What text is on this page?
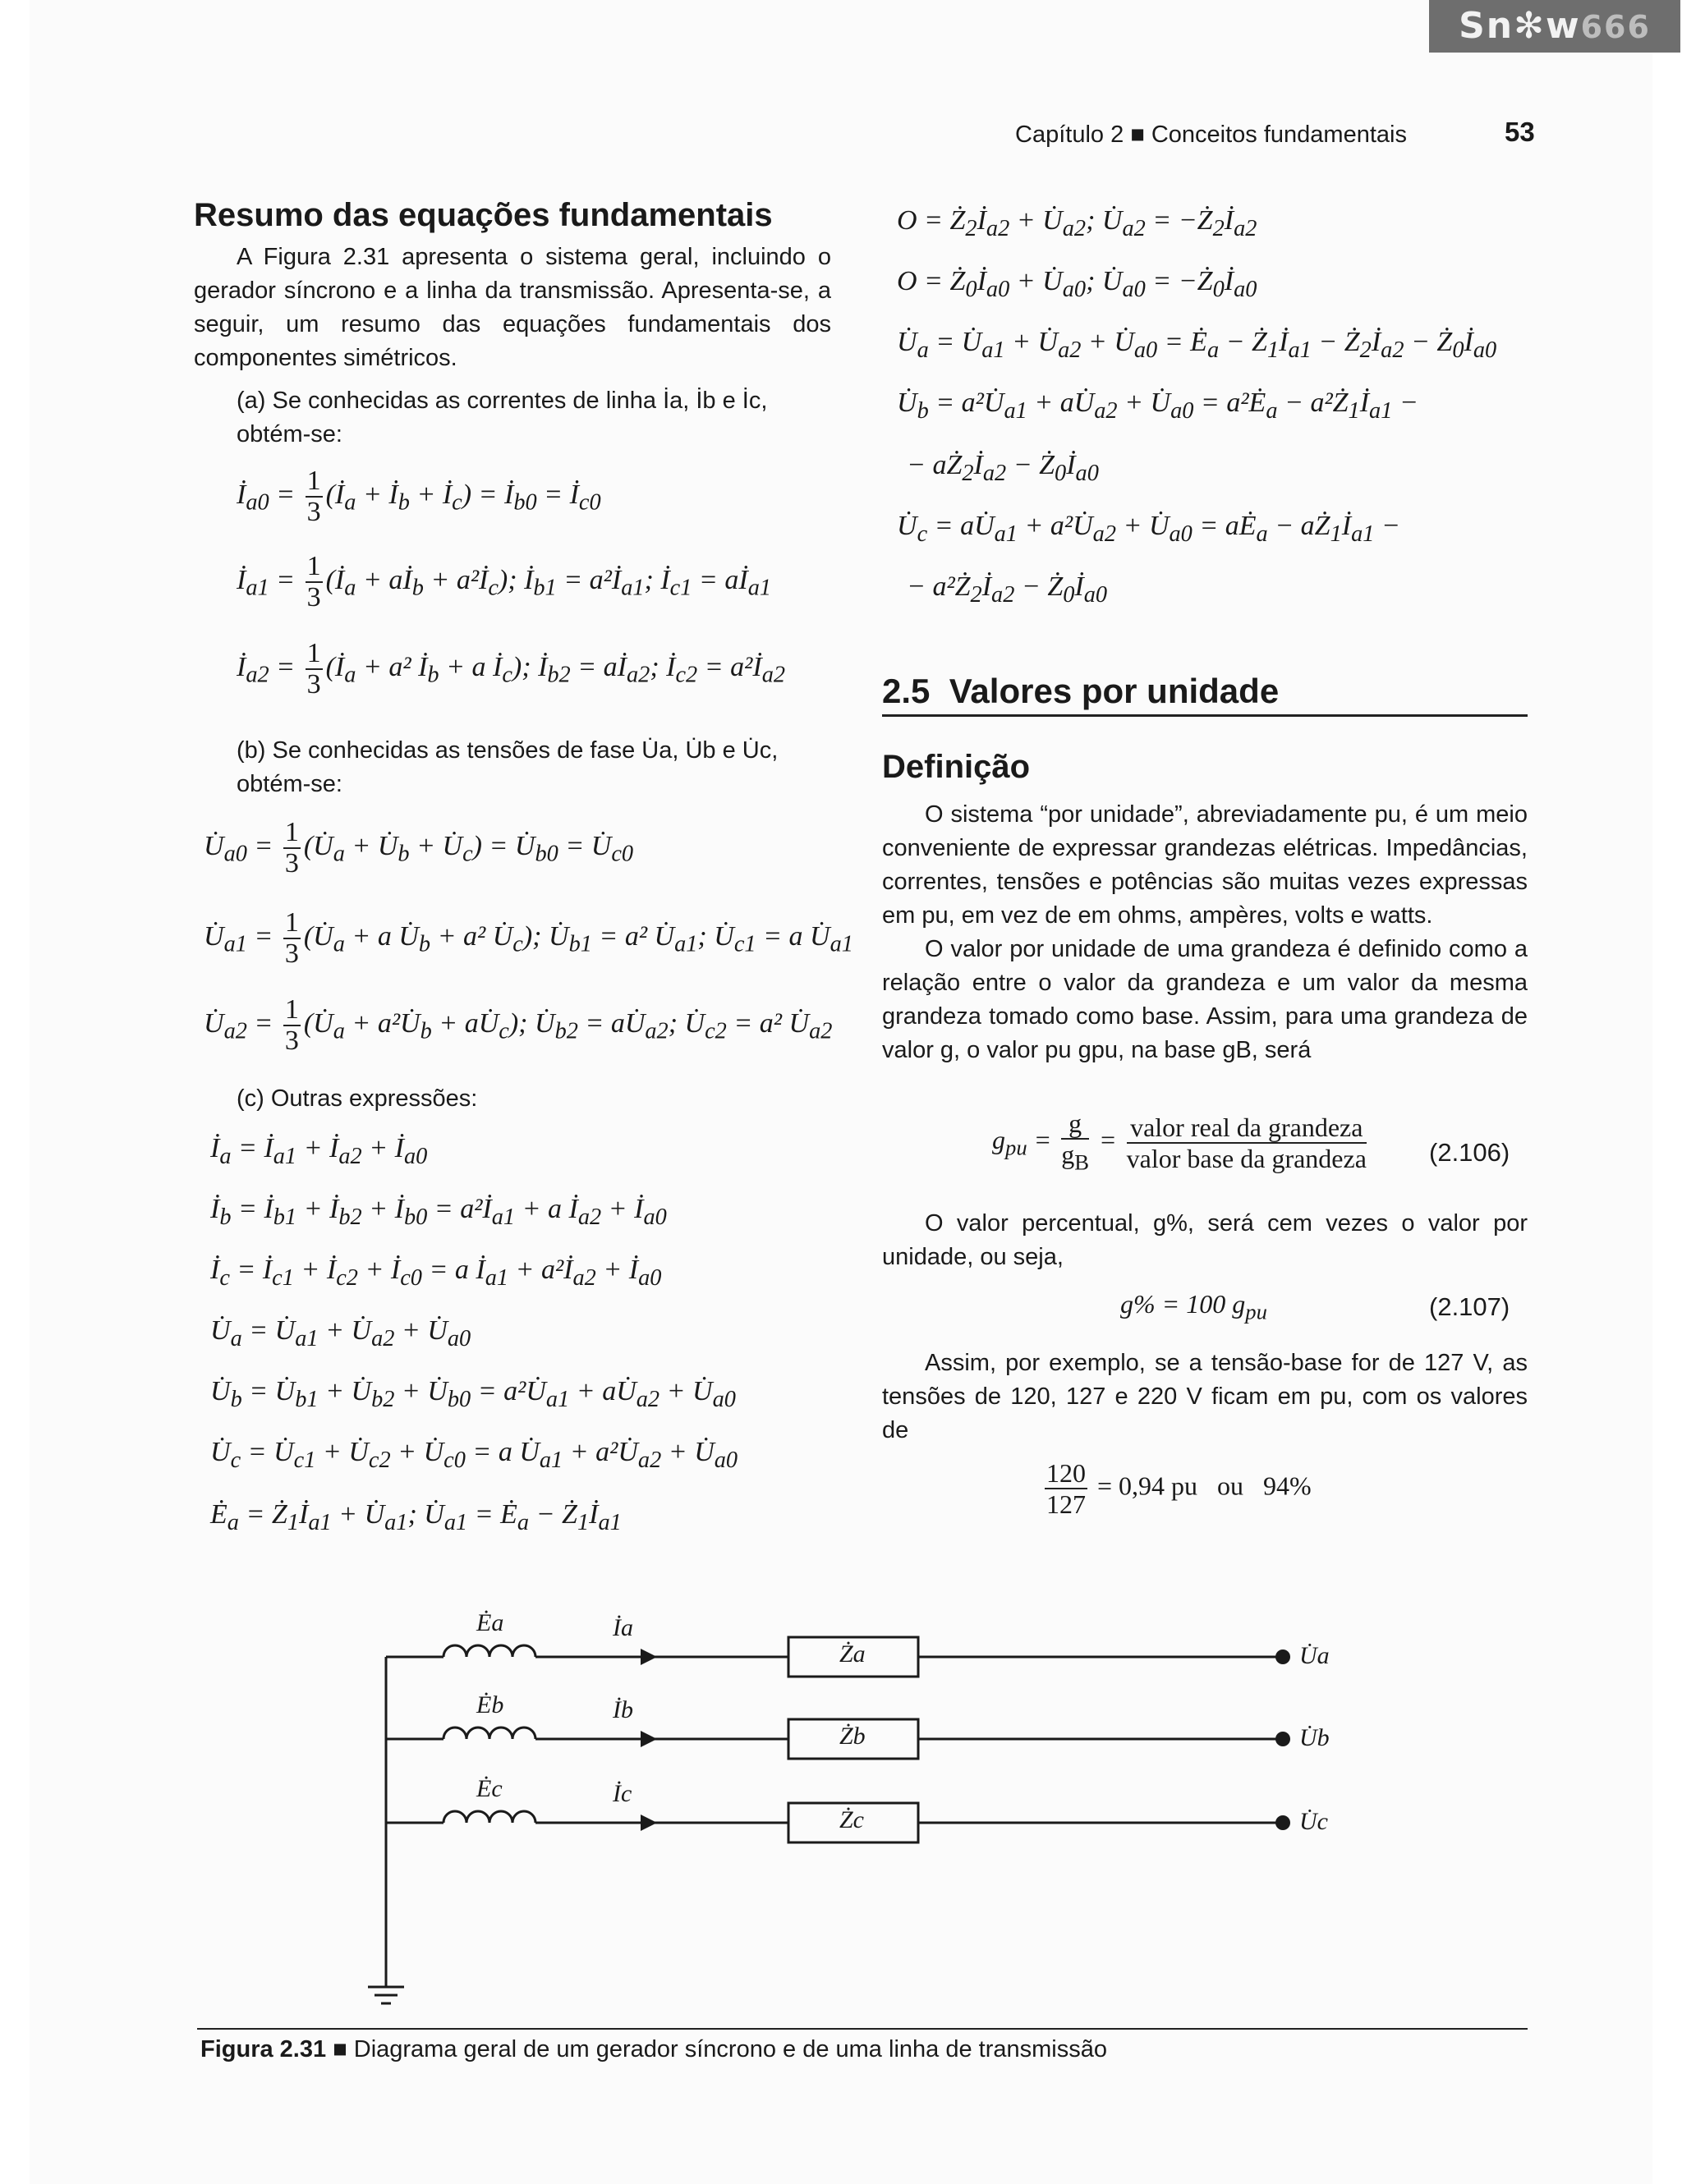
Sn✻w666
Capítulo 2 ■ Conceitos fundamentais	53
Resumo das equações fundamentais

A Figura 2.31 apresenta o sistema geral, incluindo o gerador síncrono e a linha da transmissão. Apresenta-se, a seguir, um resumo das equações fundamentais dos componentes simétricos.

(a) Se conhecidas as correntes de linha İa, İb e İc, obtém-se:
$İ_{a0} = \frac{1}{3}$ ($İ_a$ + $İ_b$ + $İ_c$) = $İ_{b0}$ = $İ_{c0}$
$İ_{a1} = \frac{1}{3}$ ($İ_a$ + $aİ_b$ + $a^2İ_c$); $İ_{b1}$ = $a^2İ_{a1}$; $İ_{c1}$ = $aİ_{a1}$
$İ_{a2} = \frac{1}{3}$ ($İ_a + a^2$ $İ_b + a$ $İ_c$); $İ_{b2}$ = $aİ_{a2}$; $İ_{c2}$ = $a^2İ_{a2}$
(b) Se conhecidas as tensões de fase U̇a, U̇b e U̇c, obtém-se:
$U̇_{a0} = \frac{1}{3}$ ($U̇_a$ + $U̇_b$ + $U̇_c$) = $U̇_{b0}$ = $U̇_{c0}$
$U̇_{a1} = \frac{1}{3}$ ($U̇_a + a$ $U̇_b + a^2$ $U̇_c$); $U̇_{b1} = a^2$ $U̇_{a1}$; $U̇_{c1} = a$ $U̇_{a1}$
$U̇_{a2} = \frac{1}{3}$ ($U̇_a$ + $a^2U̇_b$ + $aU̇_c$); $U̇_{b2}$ = $aU̇_{a2}$; $U̇_{c2} = a^2$ $U̇_{a2}$
(c) Outras expressões:
$İ_a$ = $İ_{a1}$ + $İ_{a2}$ + $İ_{a0}$
$İ_b$ = $İ_{b1}$ + $İ_{b2}$ + $İ_{b0}$ = $a^2İ_{a1} + a$ $İ_{a2}$ + $İ_{a0}$
$İ_c$ = $İ_{c1}$ + $İ_{c2}$ + $İ_{c0} = a$ $İ_{a1}$ + $a^2İ_{a2}$ + $İ_{a0}$
$U̇_a$ = $U̇_{a1}$ + $U̇_{a2}$ + $U̇_{a0}$
$U̇_b$ = $U̇_{b1}$ + $U̇_{b2}$ + $U̇_{b0}$ = $a^2U̇_{a1}$ + $aU̇_{a2}$ + $U̇_{a0}$
$U̇_c$ = $U̇_{c1}$ + $U̇_{c2}$ + $U̇_{c0} = a$ $U̇_{a1}$ + $a^2U̇_{a2}$ + $U̇_{a0}$
$Ė_a$ = $Ż_1İ_{a1}$ + $U̇_{a1}$; $U̇_{a1}$ = $Ė_a$ − $Ż_1İ_{a1}$
$O = Ż_2İ_{a2}$ + $U̇_{a2}$; $U̇_{a2}$ = $-Ż_2İ_{a2}$
$O = Ż_0İ_{a0}$ + $U̇_{a0}$; $U̇_{a0}$ = $-Ż_0İ_{a0}$
$U̇_a$ = $U̇_{a1}$ + $U̇_{a2}$ + $U̇_{a0}$ = $Ė_a$ − $Ż_1İ_{a1}$ − $Ż_2İ_{a2}$ − $Ż_0İ_{a0}$
$U̇_b$ = $a^2U̇_{a1}$ + $aU̇_{a2}$ + $U̇_{a0}$ = $a^2Ė_a$ − $a^2Ż_1İ_{a1}$ −
− $aŻ_2İ_{a2}$ − $Ż_0İ_{a0}$
$U̇_c$ = $aU̇_{a1}$ + $a^2U̇_{a2}$ + $U̇_{a0}$ = $aĖ_a$ − $aŻ_1İ_{a1}$ −
− $a^2Ż_2İ_{a2}$ − $Ż_0İ_{a0}$
2.5 Valores por unidade
Definição

O sistema “por unidade”, abreviadamente pu, é um meio conveniente de expressar grandezas elétricas. Impedâncias, correntes, tensões e potências são muitas vezes expressas em pu, em vez de em ohms, ampères, volts e watts.

O valor por unidade de uma grandeza é definido como a relação entre o valor da grandeza e um valor da mesma grandeza tomado como base. Assim, para uma grandeza de valor g, o valor pu gpu, na base gB, será

$g_{pu} = \frac{g}{g_B} = \frac{\text{valor real da grandeza}}{\text{valor base da grandeza}} (2.106)$

O valor percentual, g%, será cem vezes o valor por unidade, ou seja,

g% = 100 $g_{pu}$	(2.107)

Assim, por exemplo, se a tensão-base for de 127 V, as tensões de 120, 127 e 220 V ficam em pu, com os valores de

$\frac{120}{127} = 0,94$ pu   ou   94%
Ėa
Ėb
Ėc
İa
İb
İc
Ża
Żb
Żc
U̇a
U̇b
U̇c
Figura 2.31 ■ Diagrama geral de um gerador síncrono e de uma linha de transmissão
